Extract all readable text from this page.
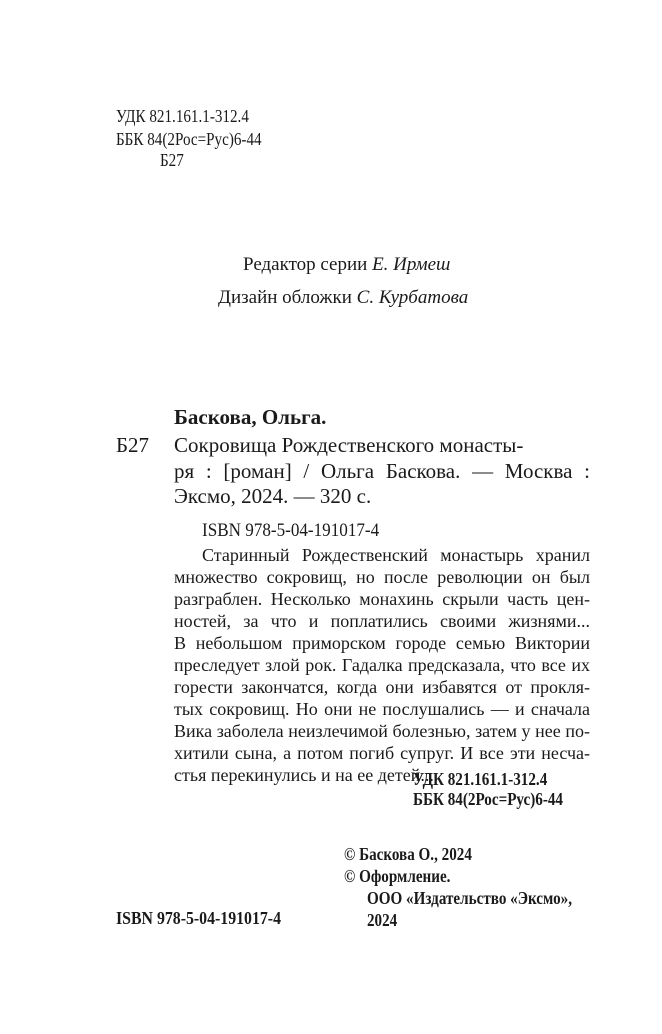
УДК 821.161.1-312.4
ББК 84(2Рос=Рус)6-44
Б27
Редактор серии Е. Ирмеш
Дизайн обложки С. Курбатова
Баскова, Ольга.
Б27 Сокровища Рождественского монасты-
ря : [роман] / Ольга Баскова. — Москва :
Эксмо, 2024. — 320 с.
ISBN 978-5-04-191017-4
Старинный Рождественский монастырь хранил
множество сокровищ, но после революции он был
разграблен. Несколько монахинь скрыли часть цен-
ностей, за что и поплатились своими жизнями...
В небольшом приморском городе семью Виктории
преследует злой рок. Гадалка предсказала, что все их
горести закончатся, когда они избавятся от прокля-
тых сокровищ. Но они не послушались — и сначала
Вика заболела неизлечимой болезнью, затем у нее по-
хитили сына, а потом погиб супруг. И все эти несча-
стья перекинулись и на ее детей...
УДК 821.161.1-312.4
ББК 84(2Рос=Рус)6-44
© Баскова О., 2024
© Оформление.
ООО «Издательство «Эксмо»,
2024
ISBN 978-5-04-191017-4
